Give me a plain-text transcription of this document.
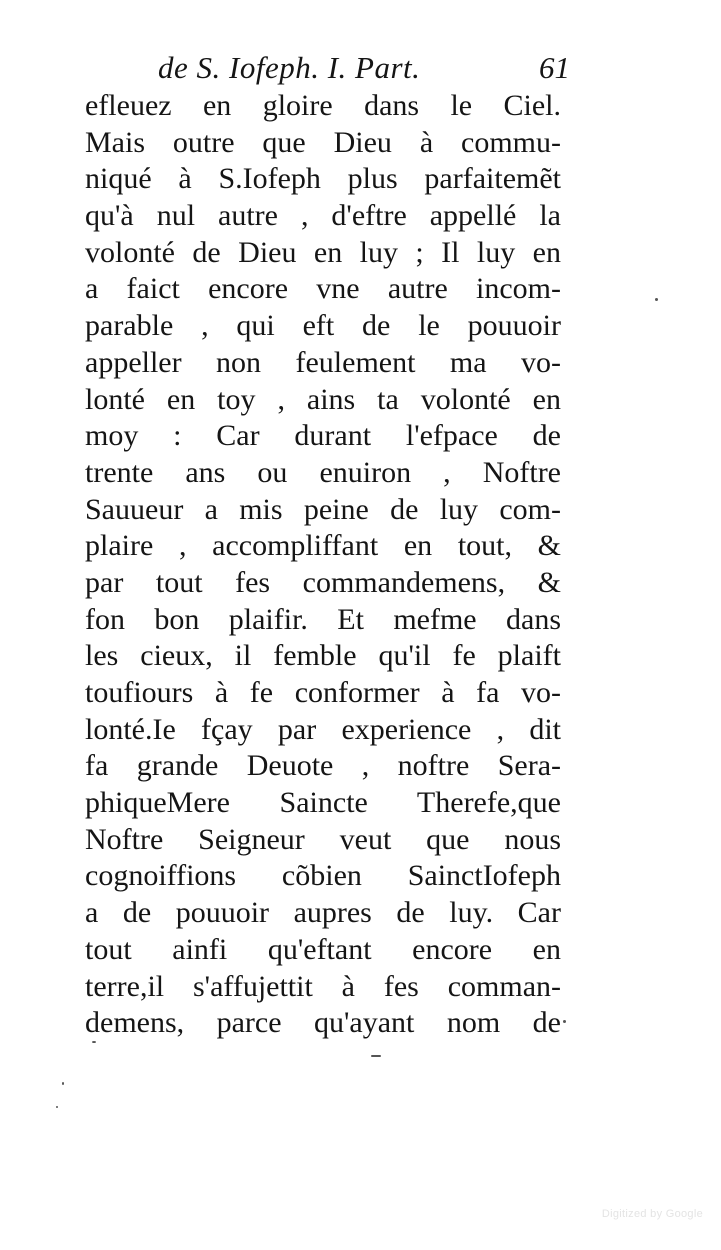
de S. Iofeph. I. Part.	61
efleuez en gloire dans le Ciel.
Mais outre que Dieu à commu-
niqué à S.Iofeph plus parfaitemẽt
qu'à nul autre , d'eftre appellé la
volonté de Dieu en luy ; Il luy en
a faict encore vne autre incom-
parable , qui eft de le pouuoir
appeller non feulement ma vo-
lonté en toy , ains ta volonté en
moy : Car durant l'efpace de
trente ans ou enuiron , Noftre
Sauueur a mis peine de luy com-
plaire , accompliffant en tout, &
par tout fes commandemens, &
fon bon plaifir. Et mefme dans
les cieux, il femble qu'il fe plaift
toufiours à fe conformer à fa vo-
lonté.Ie fçay par experience , dit
fa grande Deuote , noftre Sera-
phiqueMere Saincte Therefe,que
Noftre Seigneur veut que nous
cognoiffions cõbien SainctIofeph
a de pouuoir aupres de luy. Car
tout ainfi qu'eftant encore en
terre,il s'affujettit à fes comman-
demens, parce qu'ayant nom de
Digitized by Google
